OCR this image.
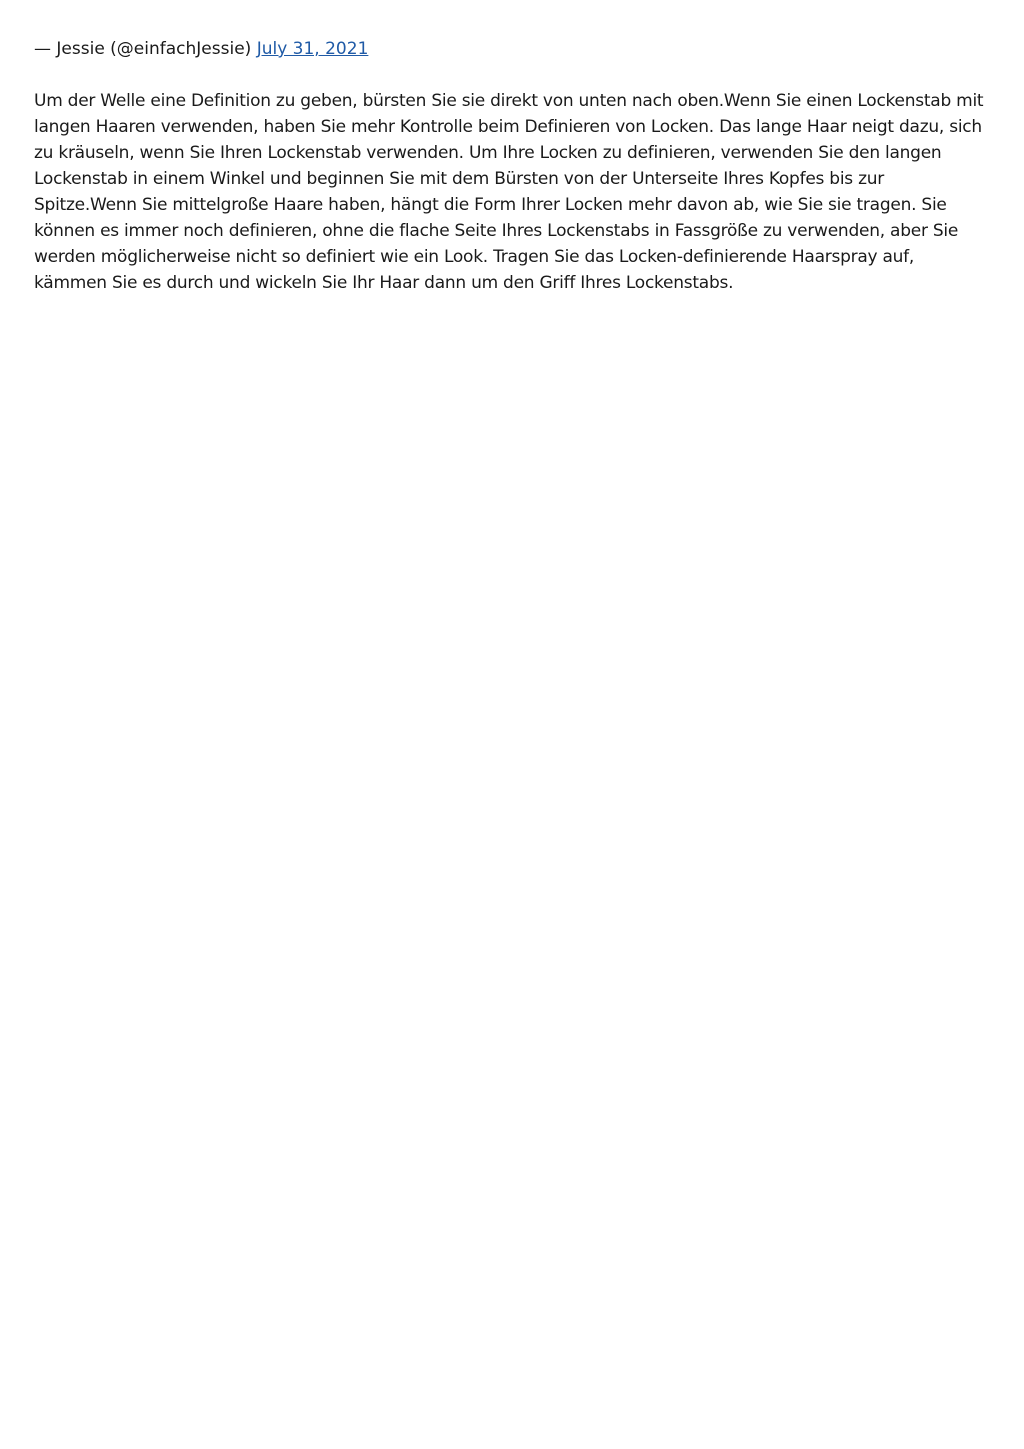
— Jessie (@einfachJessie) July 31, 2021

Um der Welle eine Definition zu geben, bürsten Sie sie direkt von unten nach oben.Wenn Sie einen Lockenstab mit langen Haaren verwenden, haben Sie mehr Kontrolle beim Definieren von Locken. Das lange Haar neigt dazu, sich zu kräuseln, wenn Sie Ihren Lockenstab verwenden. Um Ihre Locken zu definieren, verwenden Sie den langen Lockenstab in einem Winkel und beginnen Sie mit dem Bürsten von der Unterseite Ihres Kopfes bis zur Spitze.Wenn Sie mittelgroße Haare haben, hängt die Form Ihrer Locken mehr davon ab, wie Sie sie tragen. Sie können es immer noch definieren, ohne die flache Seite Ihres Lockenstabs in Fassgröße zu verwenden, aber Sie werden möglicherweise nicht so definiert wie ein Look. Tragen Sie das Locken-definierende Haarspray auf, kämmen Sie es durch und wickeln Sie Ihr Haar dann um den Griff Ihres Lockenstabs.
